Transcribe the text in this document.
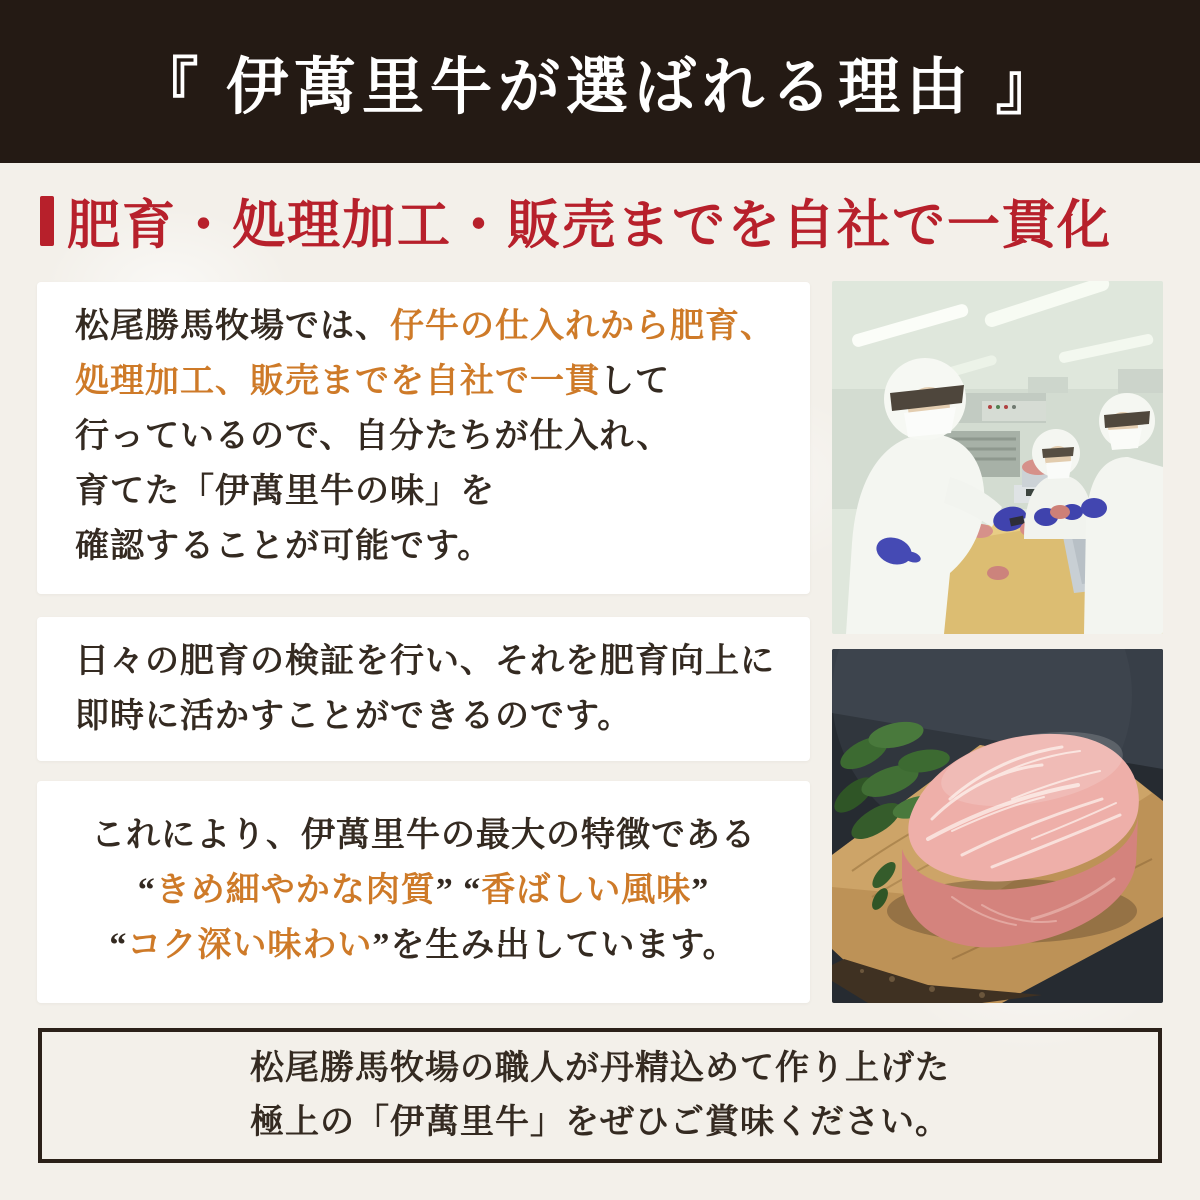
『 伊萬里牛が選ばれる理由 』
肥育・処理加工・販売までを自社で一貫化

松尾勝馬牧場では、仔牛の仕入れから肥育、
処理加工、販売までを自社で一貫して
行っているので、自分たちが仕入れ、
育てた「伊萬里牛の味」を
確認することが可能です。

日々の肥育の検証を行い、それを肥育向上に
即時に活かすことができるのです。

これにより、伊萬里牛の最大の特徴である
“きめ細やかな肉質” “香ばしい風味”
“コク深い味わい”を生み出しています。

松尾勝馬牧場の職人が丹精込めて作り上げた

極上の「伊萬里牛」をぜひご賞味ください。
